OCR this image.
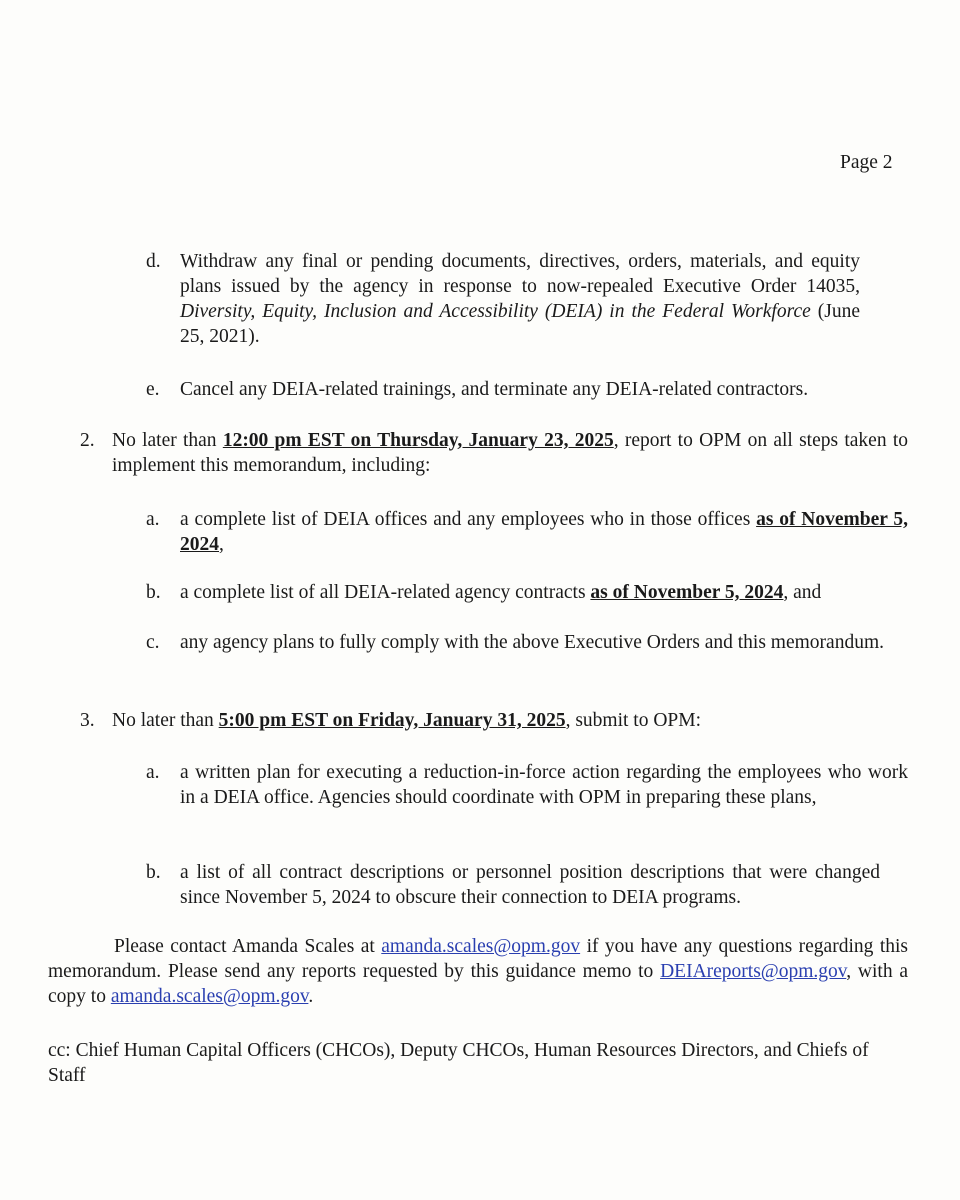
Page 2
d. Withdraw any final or pending documents, directives, orders, materials, and equity plans issued by the agency in response to now-repealed Executive Order 14035, Diversity, Equity, Inclusion and Accessibility (DEIA) in the Federal Workforce (June 25, 2021).
e. Cancel any DEIA-related trainings, and terminate any DEIA-related contractors.
2. No later than 12:00 pm EST on Thursday, January 23, 2025, report to OPM on all steps taken to implement this memorandum, including:
a. a complete list of DEIA offices and any employees who in those offices as of November 5, 2024,
b. a complete list of all DEIA-related agency contracts as of November 5, 2024, and
c. any agency plans to fully comply with the above Executive Orders and this memorandum.
3. No later than 5:00 pm EST on Friday, January 31, 2025, submit to OPM:
a. a written plan for executing a reduction-in-force action regarding the employees who work in a DEIA office. Agencies should coordinate with OPM in preparing these plans,
b. a list of all contract descriptions or personnel position descriptions that were changed since November 5, 2024 to obscure their connection to DEIA programs.
Please contact Amanda Scales at amanda.scales@opm.gov if you have any questions regarding this memorandum. Please send any reports requested by this guidance memo to DEIAreports@opm.gov, with a copy to amanda.scales@opm.gov.
cc: Chief Human Capital Officers (CHCOs), Deputy CHCOs, Human Resources Directors, and Chiefs of Staff
